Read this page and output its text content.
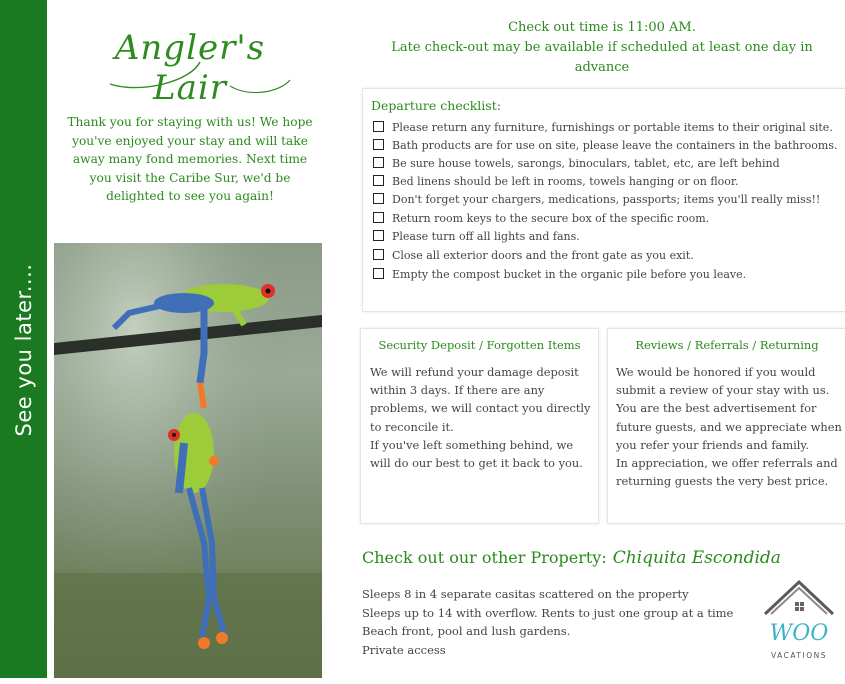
See you later....
Angler's Lair
Thank you for staying with us! We hope you've enjoyed your stay and will take away many fond memories. Next time you visit the Caribe Sur, we'd be delighted to see you again!
Check out time is 11:00 AM.
Late check-out may be available if scheduled at least one day in advance
Departure checklist:
Please return any furniture, furnishings or portable items to their original site.
Bath products are for use on site, please leave the containers in the bathrooms.
Be sure house towels, sarongs, binoculars, tablet, etc, are left behind
Bed linens should be left in rooms, towels hanging or on floor.
Don't forget your chargers, medications, passports; items you'll really miss!!
Return room keys to the secure box of the specific room.
Please turn off all lights and fans.
Close all exterior doors and the front gate as you exit.
Empty the compost bucket in the organic pile before you leave.
Security Deposit / Forgotten Items
We will refund your damage deposit within 3 days. If there are any problems, we will contact you directly to reconcile it.
If you've left something behind, we will do our best to get it back to you.
Reviews / Referrals / Returning
We would be honored if you would submit a review of your stay with us. You are the best advertisement for future guests, and we appreciate when you refer your friends and family.
In appreciation, we offer referrals and returning guests the very best price.
Check out our other Property: Chiquita Escondida
Sleeps 8 in 4 separate casitas scattered on the property
Sleeps up to 14 with overflow. Rents to just one group at a time
Beach front, pool and lush gardens.
Private access
WOO
VACATIONS
